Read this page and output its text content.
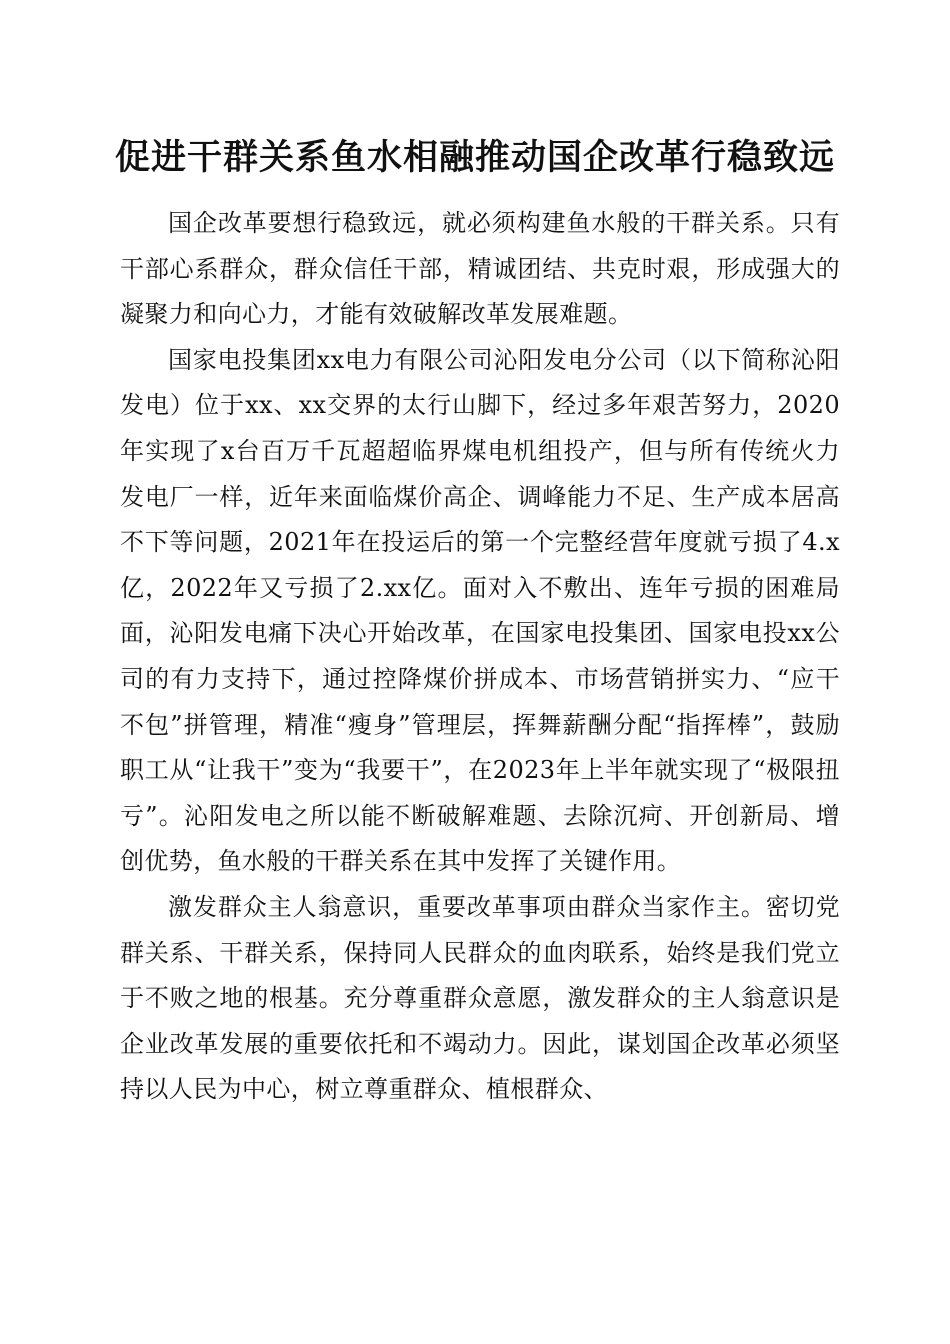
促进干群关系鱼水相融推动国企改革行稳致远

国企改革要想行稳致远，就必须构建鱼水般的干群关系。只有干部心系群众，群众信任干部，精诚团结、共克时艰，形成强大的凝聚力和向心力，才能有效破解改革发展难题。

国家电投集团xx电力有限公司沁阳发电分公司（以下简称沁阳发电）位于xx、xx交界的太行山脚下，经过多年艰苦努力，2020年实现了x台百万千瓦超超临界煤电机组投产，但与所有传统火力发电厂一样，近年来面临煤价高企、调峰能力不足、生产成本居高不下等问题，2021年在投运后的第一个完整经营年度就亏损了4.x亿，2022年又亏损了2.xx亿。面对入不敷出、连年亏损的困难局面，沁阳发电痛下决心开始改革，在国家电投集团、国家电投xx公司的有力支持下，通过控降煤价拼成本、市场营销拼实力、“应干不包”拼管理，精准“瘦身”管理层，挥舞薪酬分配“指挥棒”，鼓励职工从“让我干”变为“我要干”，在2023年上半年就实现了“极限扭亏”。沁阳发电之所以能不断破解难题、去除沉疴、开创新局、增创优势，鱼水般的干群关系在其中发挥了关键作用。

激发群众主人翁意识，重要改革事项由群众当家作主。密切党群关系、干群关系，保持同人民群众的血肉联系，始终是我们党立于不败之地的根基。充分尊重群众意愿，激发群众的主人翁意识是企业改革发展的重要依托和不竭动力。因此，谋划国企改革必须坚持以人民为中心，树立尊重群众、植根群众、
